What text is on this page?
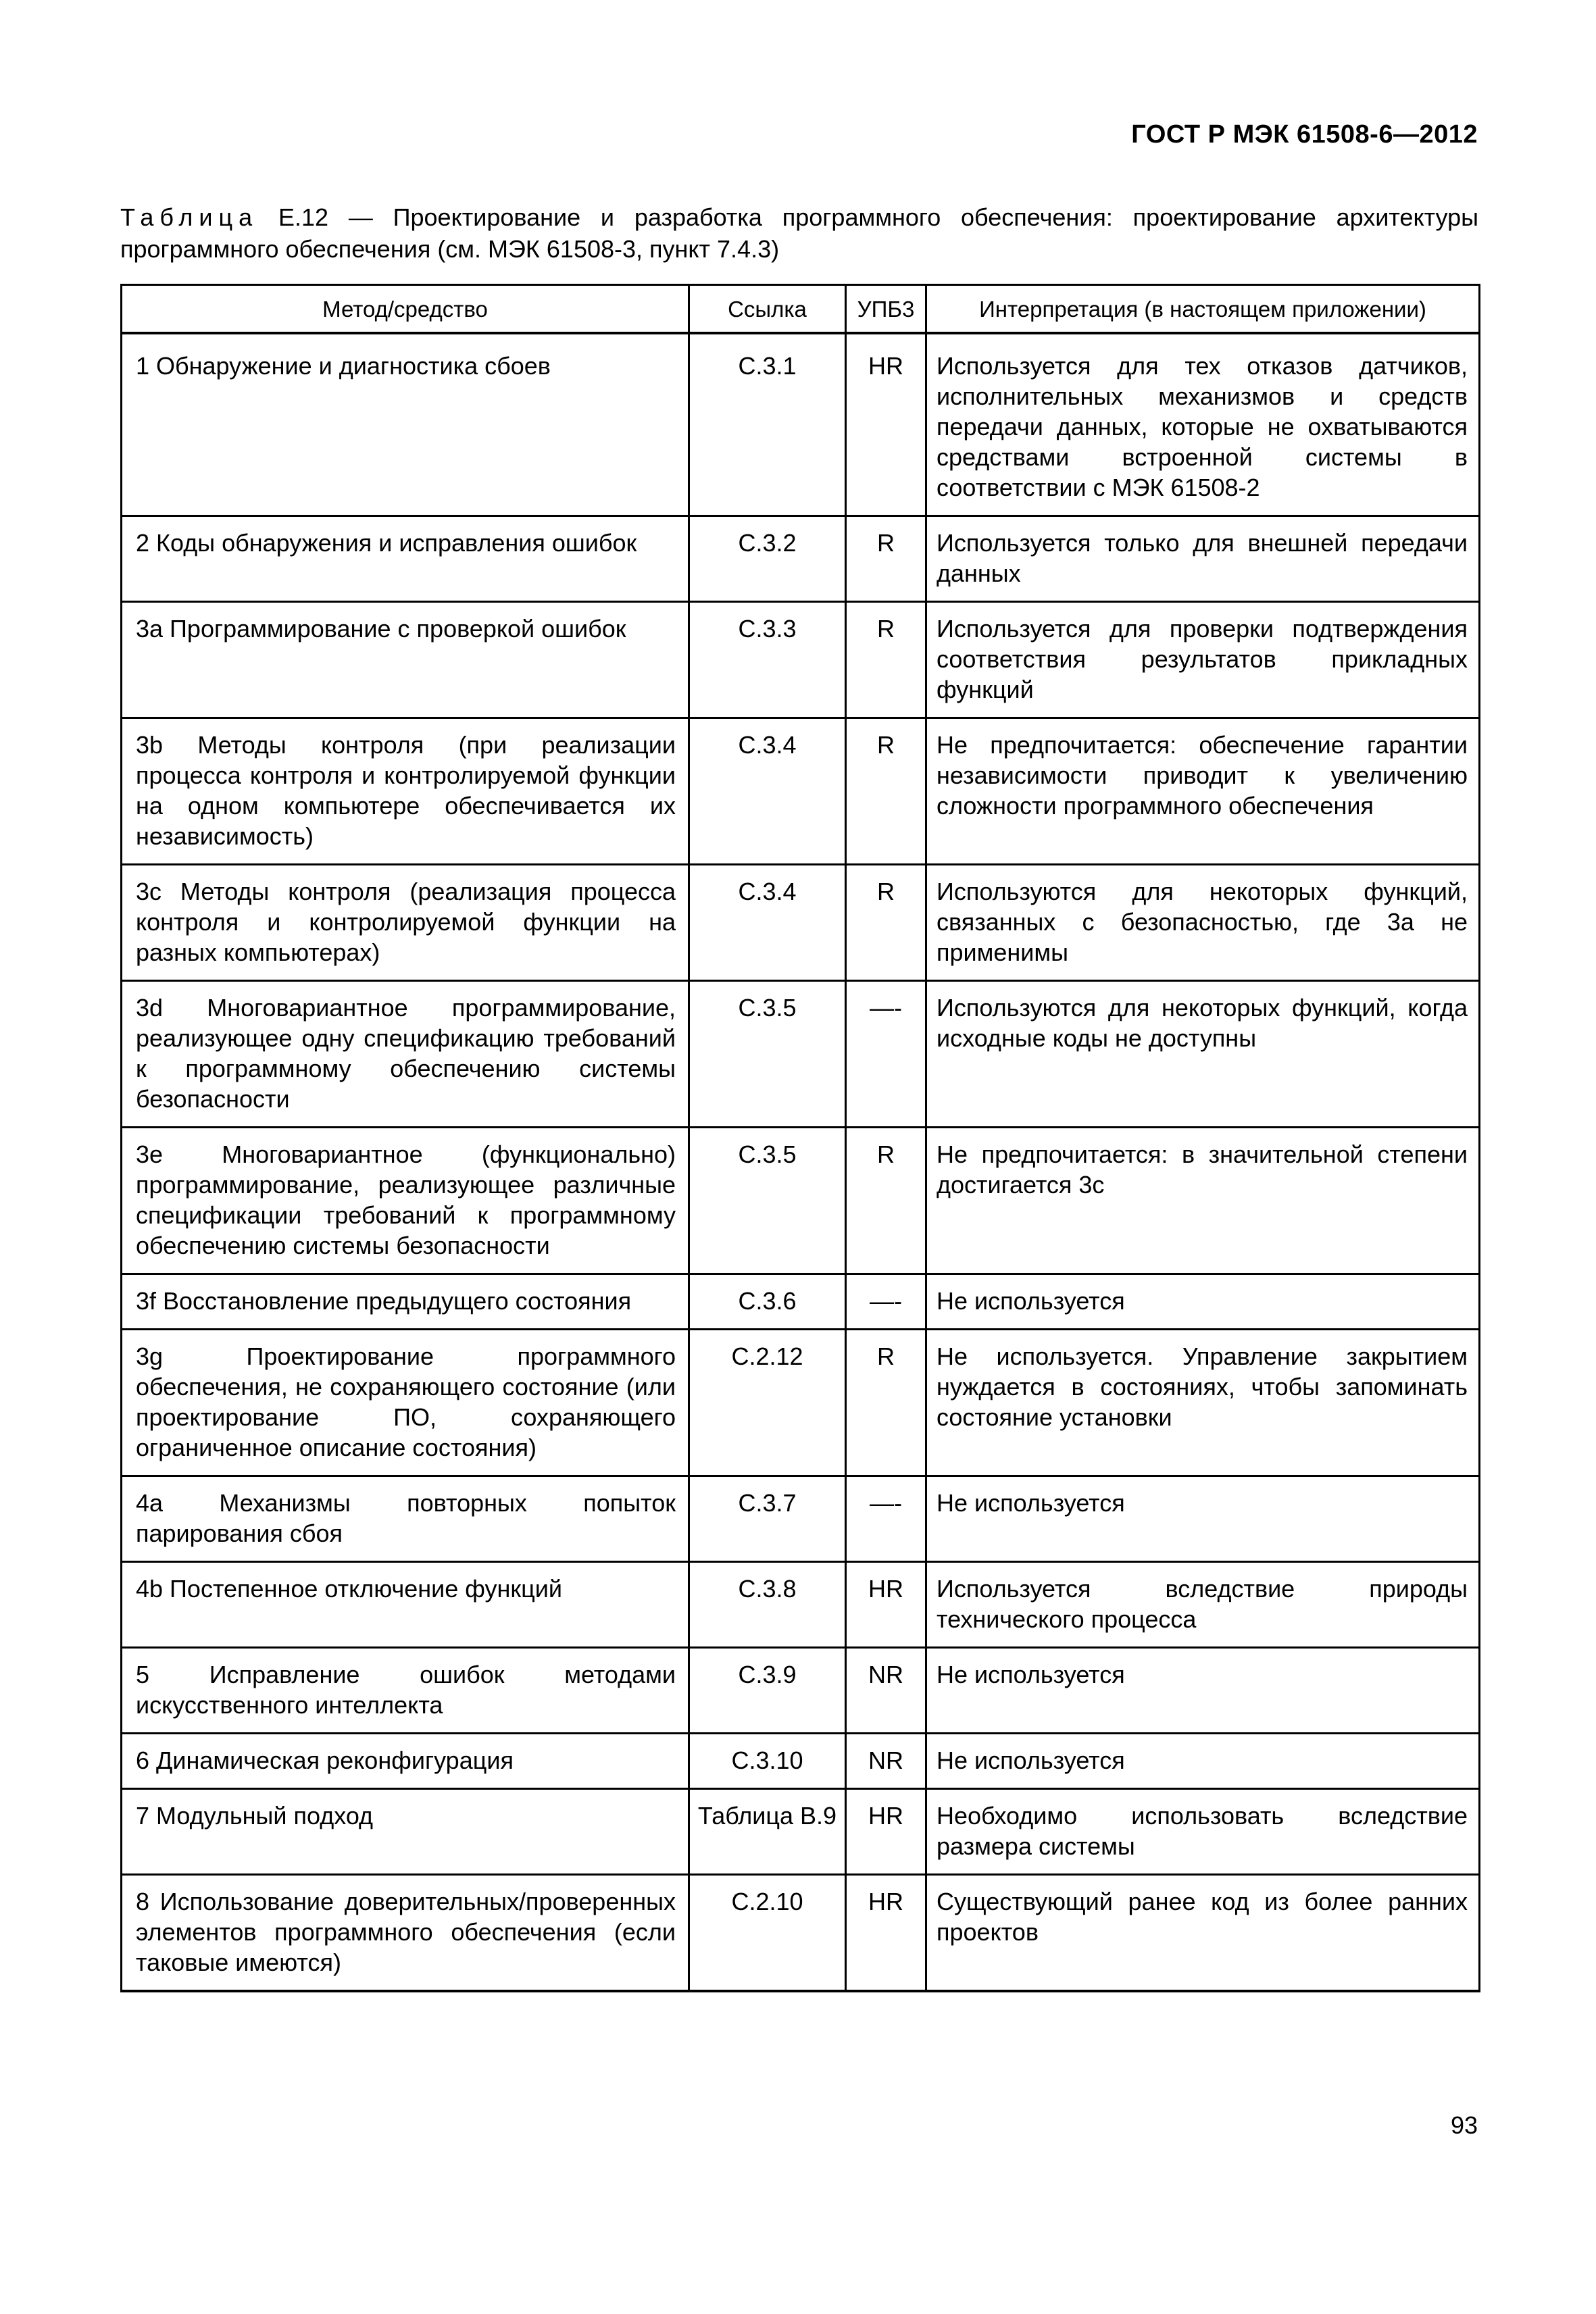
ГОСТ Р МЭК 61508-6—2012
Таблица Е.12 — Проектирование и разработка программного обеспечения: проектирование архитектуры программного обеспечения (см. МЭК 61508-3, пункт 7.4.3)
Метод/средство	Ссылка	УПБ3	Интерпретация (в настоящем приложении)

1 Обнаружение и диагностика сбоев	С.3.1	HR	Используется для тех отказов датчиков, исполнительных механизмов и средств передачи данных, которые не охватываются средствами встроенной системы в соответствии с МЭК 61508-2
2 Коды обнаружения и исправления ошибок	С.3.2	R	Используется только для внешней передачи данных
3а Программирование с проверкой ошибок	С.3.3	R	Используется для проверки подтверждения соответствия результатов прикладных функций
3b Методы контроля (при реализации процесса контроля и контролируемой функции на одном компьютере обеспечивается их независимость)	С.3.4	R	Не предпочитается: обеспечение гарантии независимости приводит к увеличению сложности программного обеспечения
3с Методы контроля (реализация процесса контроля и контролируемой функции на разных компьютерах)	С.3.4	R	Используются для некоторых функций, связанных с безопасностью, где 3а не применимы
3d Многовариантное программирование, реализующее одну спецификацию требований к программному обеспечению системы безопасности	С.3.5	—-	Используются для некоторых функций, когда исходные коды не доступны
3е Многовариантное (функционально) программирование, реализующее различные спецификации требований к программному обеспечению системы безопасности	С.3.5	R	Не предпочитается: в значительной степени достигается 3с
3f Восстановление предыдущего состояния	С.3.6	—-	Не используется
3g Проектирование программного обеспечения, не сохраняющего состояние (или проектирование ПО, сохраняющего ограниченное описание состояния)	С.2.12	R	Не используется. Управление закрытием нуждается в состояниях, чтобы запоминать состояние установки
4а Механизмы повторных попыток парирования сбоя	С.3.7	—-	Не используется
4b Постепенное отключение функций	С.3.8	HR	Используется вследствие природы технического процесса
5 Исправление ошибок методами искусственного интеллекта	С.3.9	NR	Не используется
6 Динамическая реконфигурация	С.3.10	NR	Не используется
7 Модульный подход	Таблица В.9	HR	Необходимо использовать вследствие размера системы
8 Использование доверительных/проверенных элементов программного обеспечения (если таковые имеются)	С.2.10	HR	Существующий ранее код из более ранних проектов
93
